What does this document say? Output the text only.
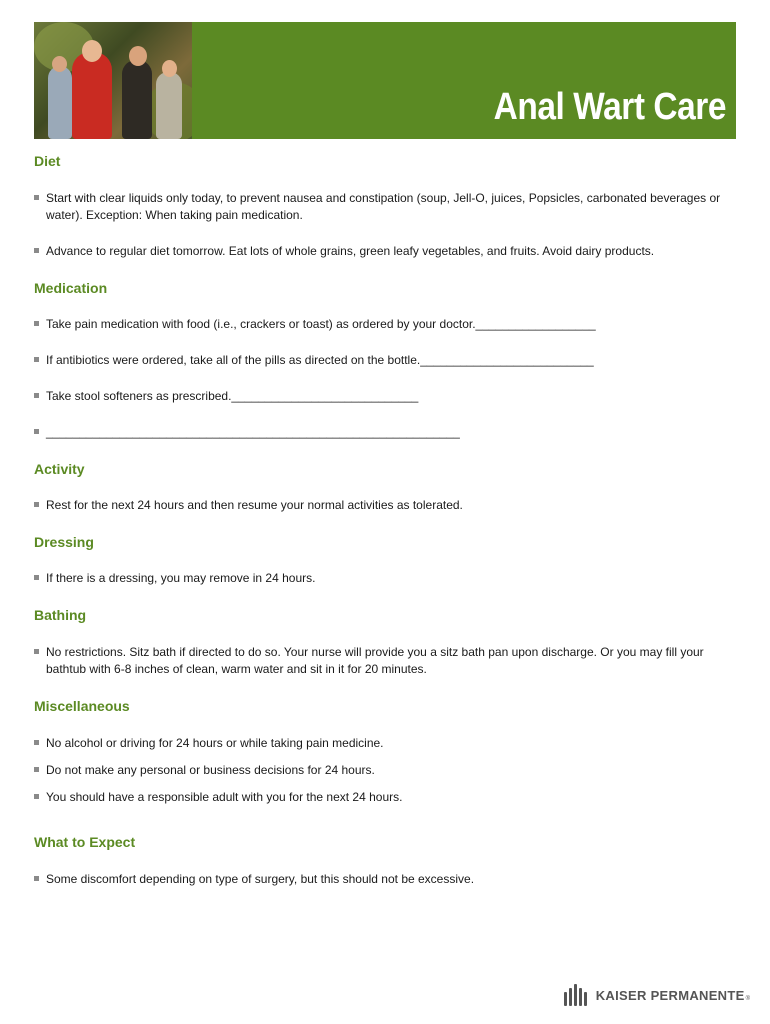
Anal Wart Care
Diet
Start with clear liquids only today, to prevent nausea and constipation (soup, Jell-O, juices, Popsicles, carbonated beverages or water). Exception: When taking pain medication.
Advance to regular diet tomorrow. Eat lots of whole grains, green leafy vegetables, and fruits. Avoid dairy products.
Medication
Take pain medication with food (i.e., crackers or toast) as ordered by your doctor.__________________
If antibiotics were ordered, take all of the pills as directed on the bottle.__________________________
Take stool softeners as prescribed.____________________________
______________________________________________________________
Activity
Rest for the next 24 hours and then resume your normal activities as tolerated.
Dressing
If there is a dressing, you may remove in 24 hours.
Bathing
No restrictions. Sitz bath if directed to do so. Your nurse will provide you a sitz bath pan upon discharge. Or you may fill your bathtub with 6-8 inches of clean, warm water and sit in it for 20 minutes.
Miscellaneous
No alcohol or driving for 24 hours or while taking pain medicine.
Do not make any personal or business decisions for 24 hours.
You should have a responsible adult with you for the next 24 hours.
What to Expect
Some discomfort depending on type of surgery, but this should not be excessive.
KAISER PERMANENTE ®
